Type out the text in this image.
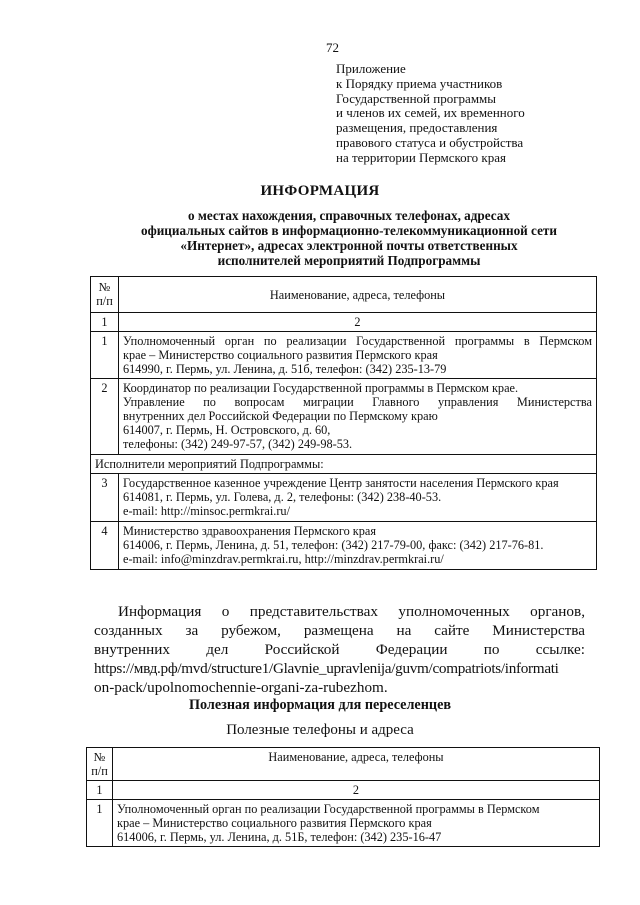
72
Приложение
к Порядку приема участников
Государственной программы
и членов их семей, их временного
размещения, предоставления
правового статуса и обустройства
на территории Пермского края
ИНФОРМАЦИЯ
о местах нахождения, справочных телефонах, адресах
официальных сайтов в информационно-телекоммуникационной сети
«Интернет», адресах электронной почты ответственных
исполнителей мероприятий Подпрограммы
№ п/п	Наименование, адреса, телефоны
1	2
1	Уполномоченный орган по реализации Государственной программы в Пермском
крае – Министерство социального развития Пермского края
614990, г. Пермь, ул. Ленина, д. 51б, телефон: (342) 235-13-79

2	Координатор по реализации Государственной программы в Пермском крае.
Управление по вопросам миграции Главного управления Министерства
внутренних дел Российской Федерации по Пермскому краю
614007, г. Пермь, Н. Островского, д. 60,
телефоны: (342) 249-97-57, (342) 249-98-53.

Исполнители мероприятий Подпрограммы:	
3	Государственное казенное учреждение Центр занятости населения Пермского края
614081, г. Пермь, ул. Голева, д. 2, телефоны: (342) 238-40-53.
e-mail: http://minsoc.permkrai.ru/

4	Министерство здравоохранения Пермского края
614006, г. Пермь, Ленина, д. 51, телефон: (342) 217-79-00, факс: (342) 217-76-81.
e-mail: info@minzdrav.permkrai.ru, http://minzdrav.permkrai.ru/
Информация о представительствах уполномоченных органов,
созданных за рубежом, размещена на сайте Министерства
внутренних дел Российской Федерации по ссылке:
https://мвд.рф/mvd/structure1/Glavnie_upravlenija/guvm/compatriots/informati
on-pack/upolnomochennie-organi-za-rubezhom.
Полезная информация для переселенцев
Полезные телефоны и адреса
№ п/п	Наименование, адреса, телефоны
1	2
1	Уполномоченный орган по реализации Государственной программы в Пермском
крае – Министерство социального развития Пермского края
614006, г. Пермь, ул. Ленина, д. 51Б, телефон: (342) 235-16-47
